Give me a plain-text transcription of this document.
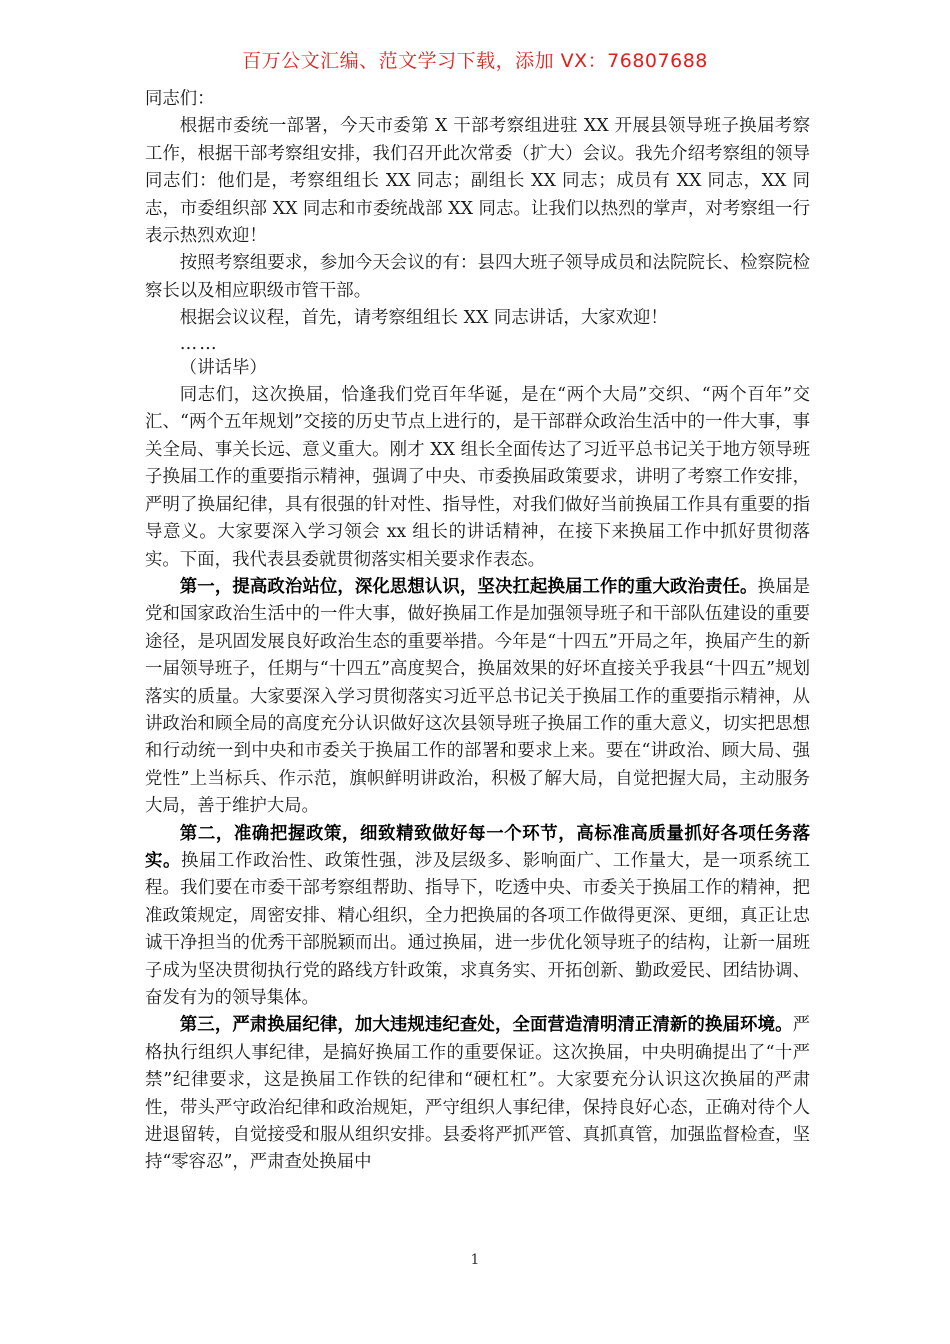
百万公文汇编、范文学习下载，添加 VX：76807688

同志们：

根据市委统一部署，今天市委第 X 干部考察组进驻 XX 开展县领导班子换届考察工作，根据干部考察组安排，我们召开此次常委（扩大）会议。我先介绍考察组的领导同志们：他们是，考察组组长 XX 同志；副组长 XX 同志；成员有 XX 同志，XX 同志，市委组织部 XX 同志和市委统战部 XX 同志。让我们以热烈的掌声，对考察组一行表示热烈欢迎！

按照考察组要求，参加今天会议的有：县四大班子领导成员和法院院长、检察院检察长以及相应职级市管干部。

根据会议议程，首先，请考察组组长 XX 同志讲话，大家欢迎！

……

（讲话毕）

同志们，这次换届，恰逢我们党百年华诞，是在“两个大局”交织、“两个百年”交汇、“两个五年规划”交接的历史节点上进行的，是干部群众政治生活中的一件大事，事关全局、事关长远、意义重大。刚才 XX 组长全面传达了习近平总书记关于地方领导班子换届工作的重要指示精神，强调了中央、市委换届政策要求，讲明了考察工作安排，严明了换届纪律，具有很强的针对性、指导性，对我们做好当前换届工作具有重要的指导意义。大家要深入学习领会 xx 组长的讲话精神，在接下来换届工作中抓好贯彻落实。下面，我代表县委就贯彻落实相关要求作表态。

第一，提高政治站位，深化思想认识，坚决扛起换届工作的重大政治责任。换届是党和国家政治生活中的一件大事，做好换届工作是加强领导班子和干部队伍建设的重要途径，是巩固发展良好政治生态的重要举措。今年是“十四五”开局之年，换届产生的新一届领导班子，任期与“十四五”高度契合，换届效果的好坏直接关乎我县“十四五”规划落实的质量。大家要深入学习贯彻落实习近平总书记关于换届工作的重要指示精神，从讲政治和顾全局的高度充分认识做好这次县领导班子换届工作的重大意义，切实把思想和行动统一到中央和市委关于换届工作的部署和要求上来。要在“讲政治、顾大局、强党性”上当标兵、作示范，旗帜鲜明讲政治，积极了解大局，自觉把握大局，主动服务大局，善于维护大局。

第二，准确把握政策，细致精致做好每一个环节，高标准高质量抓好各项任务落实。换届工作政治性、政策性强，涉及层级多、影响面广、工作量大，是一项系统工程。我们要在市委干部考察组帮助、指导下，吃透中央、市委关于换届工作的精神，把准政策规定，周密安排、精心组织，全力把换届的各项工作做得更深、更细，真正让忠诚干净担当的优秀干部脱颖而出。通过换届，进一步优化领导班子的结构，让新一届班子成为坚决贯彻执行党的路线方针政策，求真务实、开拓创新、勤政爱民、团结协调、奋发有为的领导集体。

第三，严肃换届纪律，加大违规违纪查处，全面营造清明清正清新的换届环境。严格执行组织人事纪律，是搞好换届工作的重要保证。这次换届，中央明确提出了“十严禁”纪律要求，这是换届工作铁的纪律和“硬杠杠”。大家要充分认识这次换届的严肃性，带头严守政治纪律和政治规矩，严守组织人事纪律，保持良好心态，正确对待个人进退留转，自觉接受和服从组织安排。县委将严抓严管、真抓真管，加强监督检查，坚持“零容忍”，严肃查处换届中

1
